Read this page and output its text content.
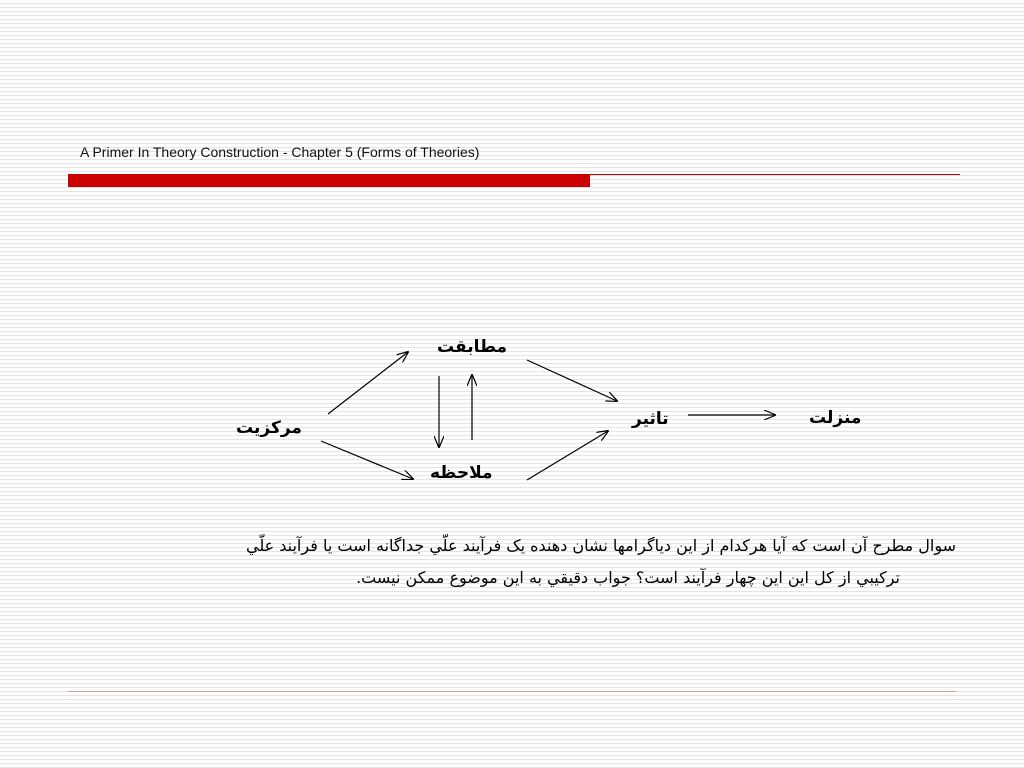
A Primer In Theory Construction - Chapter 5 (Forms of Theories)
مطابقت
مرکزيت
ملاحظه
تاثير	منزلت
سوال مطرح آن است که آيا هرکدام از اين دياگرامها نشان دهنده يک فرآيند علّي جداگانه است يا فرآيند علّي
ترکيبي از کل اين اين چهار فرآيند است؟ جواب دقيقي به اين موضوع ممکن نيست.
